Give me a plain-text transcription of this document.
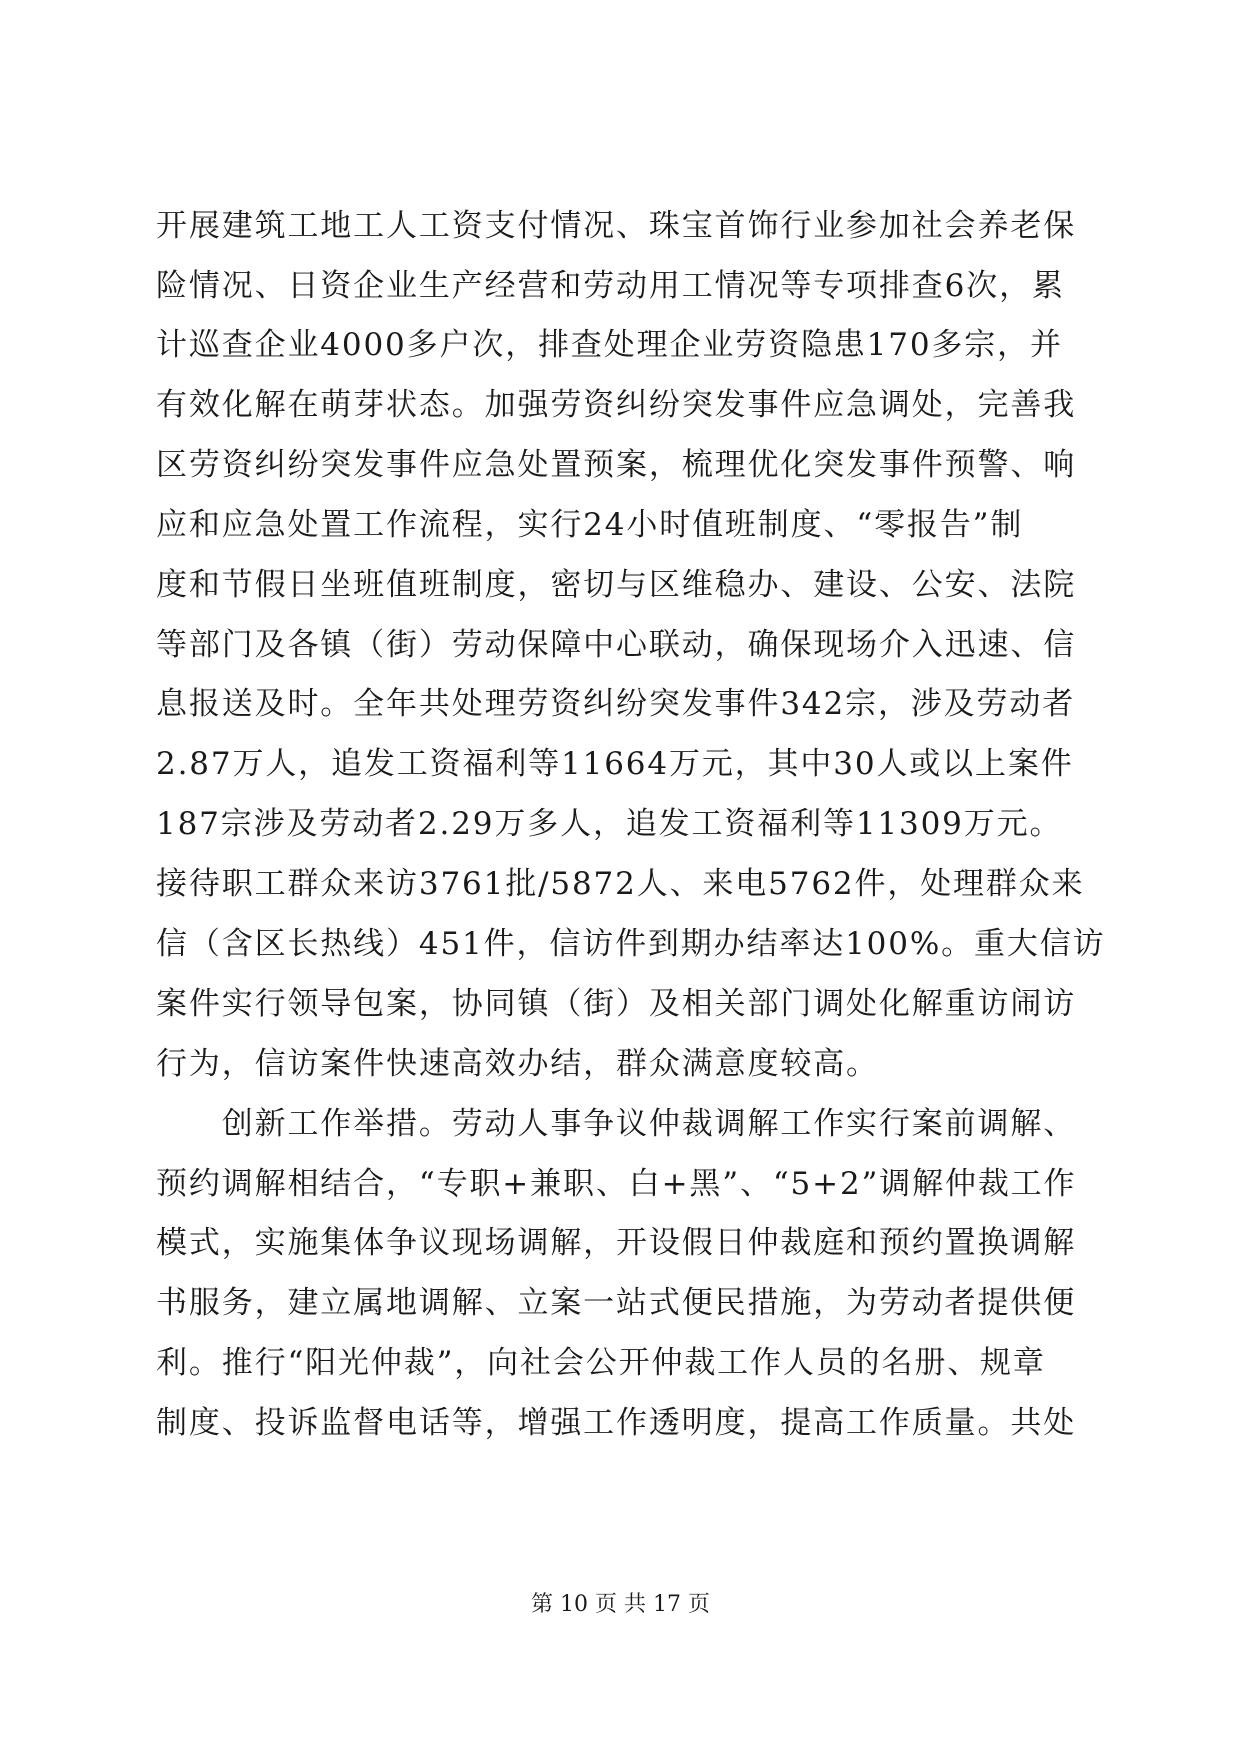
开展建筑工地工人工资支付情况、珠宝首饰行业参加社会养老保
险情况、日资企业生产经营和劳动用工情况等专项排查6次，累
计巡查企业4000多户次，排查处理企业劳资隐患170多宗，并
有效化解在萌芽状态。加强劳资纠纷突发事件应急调处，完善我
区劳资纠纷突发事件应急处置预案，梳理优化突发事件预警、响
应和应急处置工作流程，实行24小时值班制度、“零报告”制
度和节假日坐班值班制度，密切与区维稳办、建设、公安、法院
等部门及各镇（街）劳动保障中心联动，确保现场介入迅速、信
息报送及时。全年共处理劳资纠纷突发事件342宗，涉及劳动者
2.87万人，追发工资福利等11664万元，其中30人或以上案件
187宗涉及劳动者2.29万多人，追发工资福利等11309万元。
接待职工群众来访3761批/5872人、来电5762件，处理群众来
信（含区长热线）451件，信访件到期办结率达100%。重大信访
案件实行领导包案，协同镇（街）及相关部门调处化解重访闹访
行为，信访案件快速高效办结，群众满意度较高。
　　创新工作举措。劳动人事争议仲裁调解工作实行案前调解、
预约调解相结合，“专职+兼职、白+黑”、“5+2”调解仲裁工作
模式，实施集体争议现场调解，开设假日仲裁庭和预约置换调解
书服务，建立属地调解、立案一站式便民措施，为劳动者提供便
利。推行“阳光仲裁”，向社会公开仲裁工作人员的名册、规章
制度、投诉监督电话等，增强工作透明度，提高工作质量。共处
第 10 页 共 17 页
